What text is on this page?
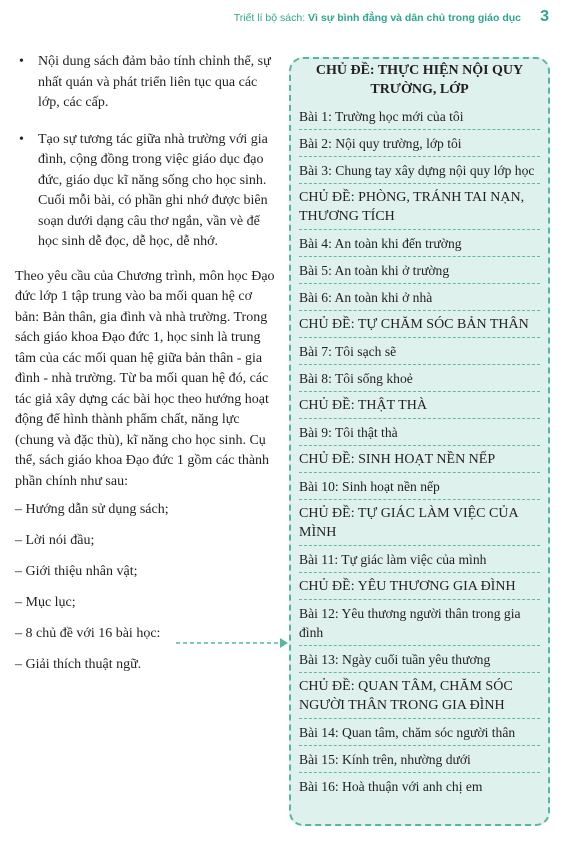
Triết lí bộ sách: Vì sự bình đẳng và dân chủ trong giáo dục 3
• Nội dung sách đảm bảo tính chỉnh thể, sự nhất quán và phát triển liên tục qua các lớp, các cấp.
• Tạo sự tương tác giữa nhà trường với gia đình, cộng đồng trong việc giáo dục đạo đức, giáo dục kĩ năng sống cho học sinh. Cuối mỗi bài, có phần ghi nhớ được biên soạn dưới dạng câu thơ ngắn, vần vè để học sinh dễ đọc, dễ học, dễ nhớ.
Theo yêu cầu của Chương trình, môn học Đạo đức lớp 1 tập trung vào ba mối quan hệ cơ bản: Bản thân, gia đình và nhà trường. Trong sách giáo khoa Đạo đức 1, học sinh là trung tâm của các mối quan hệ giữa bản thân - gia đình - nhà trường. Từ ba mối quan hệ đó, các tác giả xây dựng các bài học theo hướng hoạt động để hình thành phẩm chất, năng lực (chung và đặc thù), kĩ năng cho học sinh. Cụ thể, sách giáo khoa Đạo đức 1 gồm các thành phần chính như sau:
– Hướng dẫn sử dụng sách;
– Lời nói đầu;
– Giới thiệu nhân vật;
– Mục lục;
– 8 chủ đề với 16 bài học:
– Giải thích thuật ngữ.
CHỦ ĐỀ: THỰC HIỆN NỘI QUY TRƯỜNG, LỚP
Bài 1: Trường học mới của tôi
Bài 2: Nội quy trường, lớp tôi
Bài 3: Chung tay xây dựng nội quy lớp học
CHỦ ĐỀ: PHÒNG, TRÁNH TAI NẠN, THƯƠNG TÍCH
Bài 4: An toàn khi đến trường
Bài 5: An toàn khi ở trường
Bài 6: An toàn khi ở nhà
CHỦ ĐỀ: TỰ CHĂM SÓC BẢN THÂN
Bài 7: Tôi sạch sẽ
Bài 8: Tôi sống khoẻ
CHỦ ĐỀ: THẬT THÀ
Bài 9: Tôi thật thà
CHỦ ĐỀ: SINH HOẠT NỀN NẾP
Bài 10: Sinh hoạt nền nếp
CHỦ ĐỀ: TỰ GIÁC LÀM VIỆC CỦA MÌNH
Bài 11: Tự giác làm việc của mình
CHỦ ĐỀ: YÊU THƯƠNG GIA ĐÌNH
Bài 12: Yêu thương người thân trong gia đình
Bài 13: Ngày cuối tuần yêu thương
CHỦ ĐỀ: QUAN TÂM, CHĂM SÓC NGƯỜI THÂN TRONG GIA ĐÌNH
Bài 14: Quan tâm, chăm sóc người thân
Bài 15: Kính trên, nhường dưới
Bài 16: Hoà thuận với anh chị em
